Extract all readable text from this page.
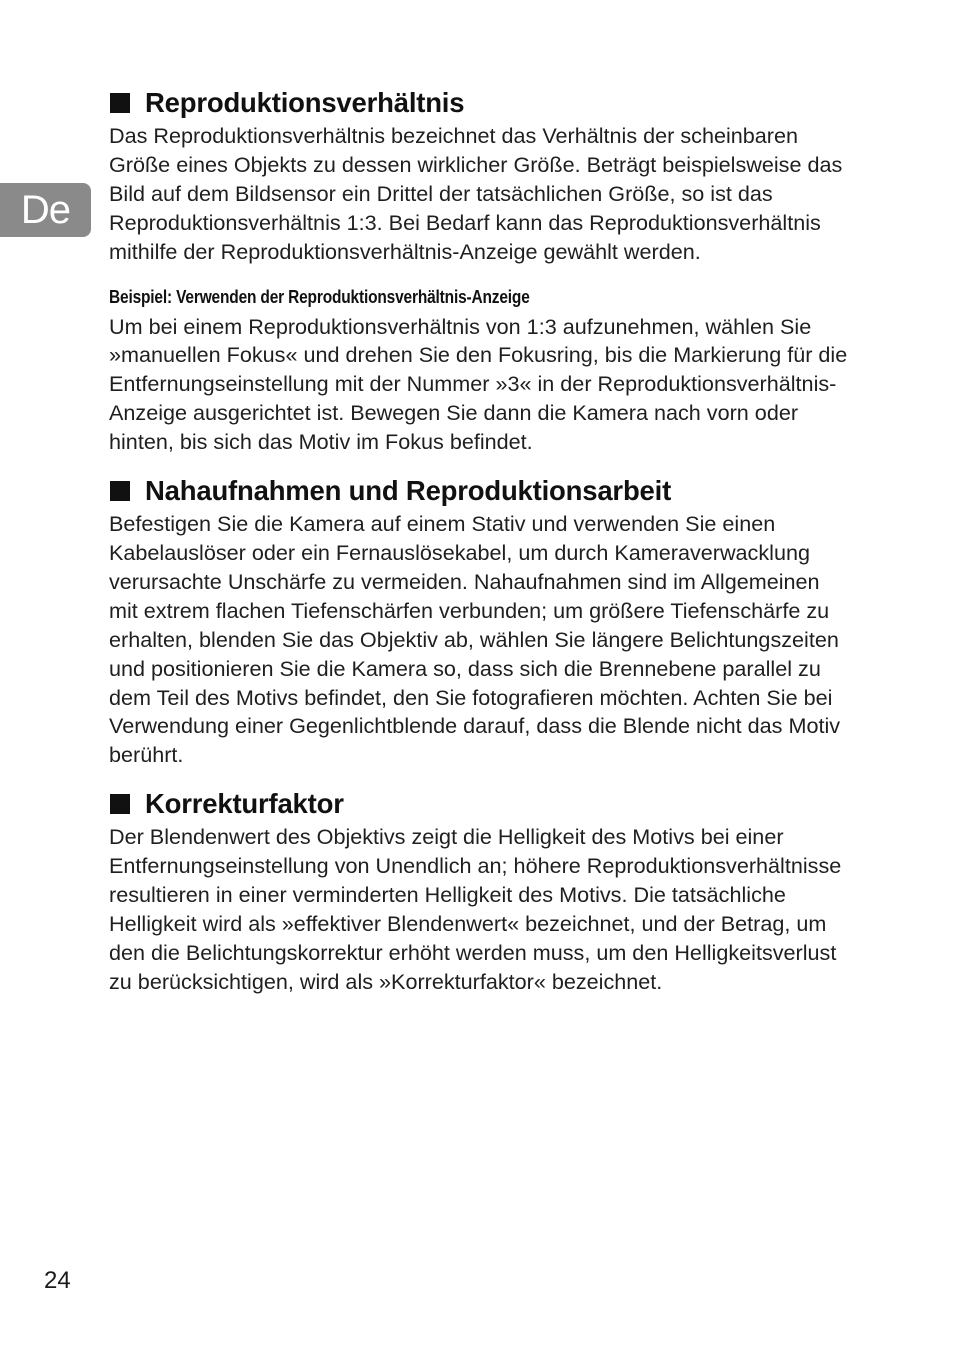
De
Reproduktionsverhältnis

Das Reproduktionsverhältnis bezeichnet das Verhältnis der scheinbaren Größe eines Objekts zu dessen wirklicher Größe. Beträgt beispielsweise das Bild auf dem Bildsensor ein Drittel der tatsächlichen Größe, so ist das Reproduktionsverhältnis 1:3. Bei Bedarf kann das Reproduktionsverhältnis mithilfe der Reproduktionsverhältnis-Anzeige gewählt werden.

Beispiel: Verwenden der Reproduktionsverhältnis-Anzeige

Um bei einem Reproduktionsverhältnis von 1:3 aufzunehmen, wählen Sie »manuellen Fokus« und drehen Sie den Fokusring, bis die Markierung für die Entfernungseinstellung mit der Nummer »3« in der Reproduktionsverhältnis-Anzeige ausgerichtet ist. Bewegen Sie dann die Kamera nach vorn oder hinten, bis sich das Motiv im Fokus befindet.

Nahaufnahmen und Reproduktionsarbeit

Befestigen Sie die Kamera auf einem Stativ und verwenden Sie einen Kabelauslöser oder ein Fernauslösekabel, um durch Kameraverwacklung verursachte Unschärfe zu vermeiden. Nahaufnahmen sind im Allgemeinen mit extrem flachen Tiefenschärfen verbunden; um größere Tiefenschärfe zu erhalten, blenden Sie das Objektiv ab, wählen Sie längere Belichtungszeiten und positionieren Sie die Kamera so, dass sich die Brennebene parallel zu dem Teil des Motivs befindet, den Sie fotografieren möchten. Achten Sie bei Verwendung einer Gegenlichtblende darauf, dass die Blende nicht das Motiv berührt.

Korrekturfaktor

Der Blendenwert des Objektivs zeigt die Helligkeit des Motivs bei einer Entfernungseinstellung von Unendlich an; höhere Reproduktionsverhältnisse resultieren in einer verminderten Helligkeit des Motivs. Die tatsächliche Helligkeit wird als »effektiver Blendenwert« bezeichnet, und der Betrag, um den die Belichtungskorrektur erhöht werden muss, um den Helligkeitsverlust zu berücksichtigen, wird als »Korrekturfaktor« bezeichnet.

24
